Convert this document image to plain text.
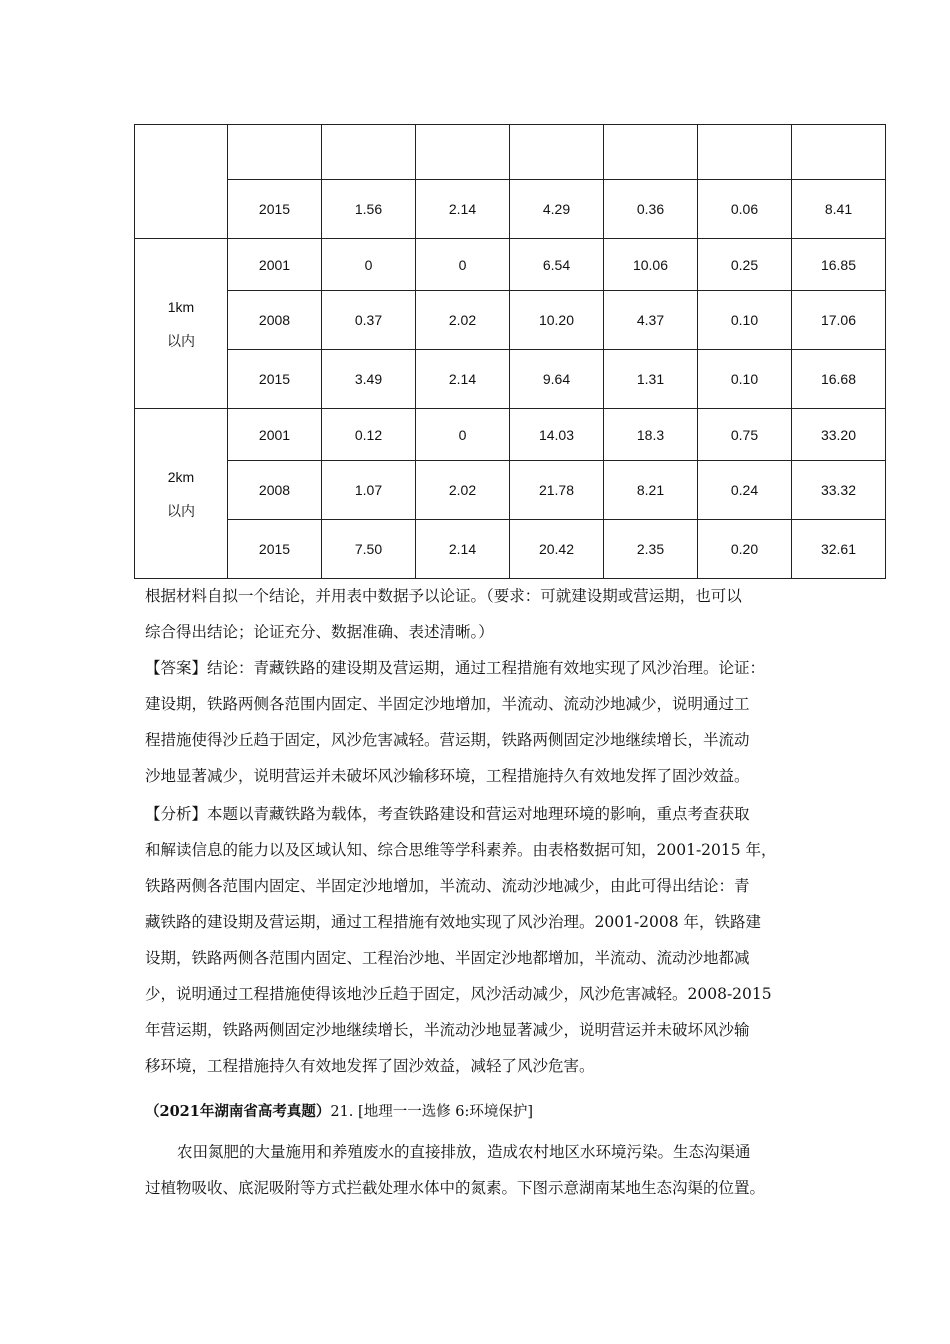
	2015	1.56	2.14	4.29	0.36	0.06	8.41
1km
以内	2001	0	0	6.54	10.06	0.25	16.85
	2008	0.37	2.02	10.20	4.37	0.10	17.06
	2015	3.49	2.14	9.64	1.31	0.10	16.68
2km
以内	2001	0.12	0	14.03	18.3	0.75	33.20
	2008	1.07	2.02	21.78	8.21	0.24	33.32
	2015	7.50	2.14	20.42	2.35	0.20	32.61
根据材料自拟一个结论，并用表中数据予以论证。（要求：可就建设期或营运期，也可以
综合得出结论；论证充分、数据准确、表述清晰。）
【答案】结论：青藏铁路的建设期及营运期，通过工程措施有效地实现了风沙治理。论证：
建设期，铁路两侧各范围内固定、半固定沙地增加，半流动、流动沙地减少，说明通过工
程措施使得沙丘趋于固定，风沙危害减轻。营运期，铁路两侧固定沙地继续增长，半流动
沙地显著减少，说明营运并未破坏风沙输移环境，工程措施持久有效地发挥了固沙效益。
【分析】本题以青藏铁路为载体，考查铁路建设和营运对地理环境的影响，重点考查获取
和解读信息的能力以及区域认知、综合思维等学科素养。由表格数据可知，2001-2015 年，
铁路两侧各范围内固定、半固定沙地增加，半流动、流动沙地减少，由此可得出结论：青
藏铁路的建设期及营运期，通过工程措施有效地实现了风沙治理。2001-2008 年，铁路建
设期，铁路两侧各范围内固定、工程治沙地、半固定沙地都增加，半流动、流动沙地都减
少，说明通过工程措施使得该地沙丘趋于固定，风沙活动减少，风沙危害减轻。2008-2015
年营运期，铁路两侧固定沙地继续增长，半流动沙地显著减少，说明营运并未破坏风沙输
移环境，工程措施持久有效地发挥了固沙效益，减轻了风沙危害。
（2021年湖南省高考真题）21. [地理一一选修 6:环境保护]
农田氮肥的大量施用和养殖废水的直接排放，造成农村地区水环境污染。生态沟渠通
过植物吸收、底泥吸附等方式拦截处理水体中的氮素。下图示意湖南某地生态沟渠的位置。
